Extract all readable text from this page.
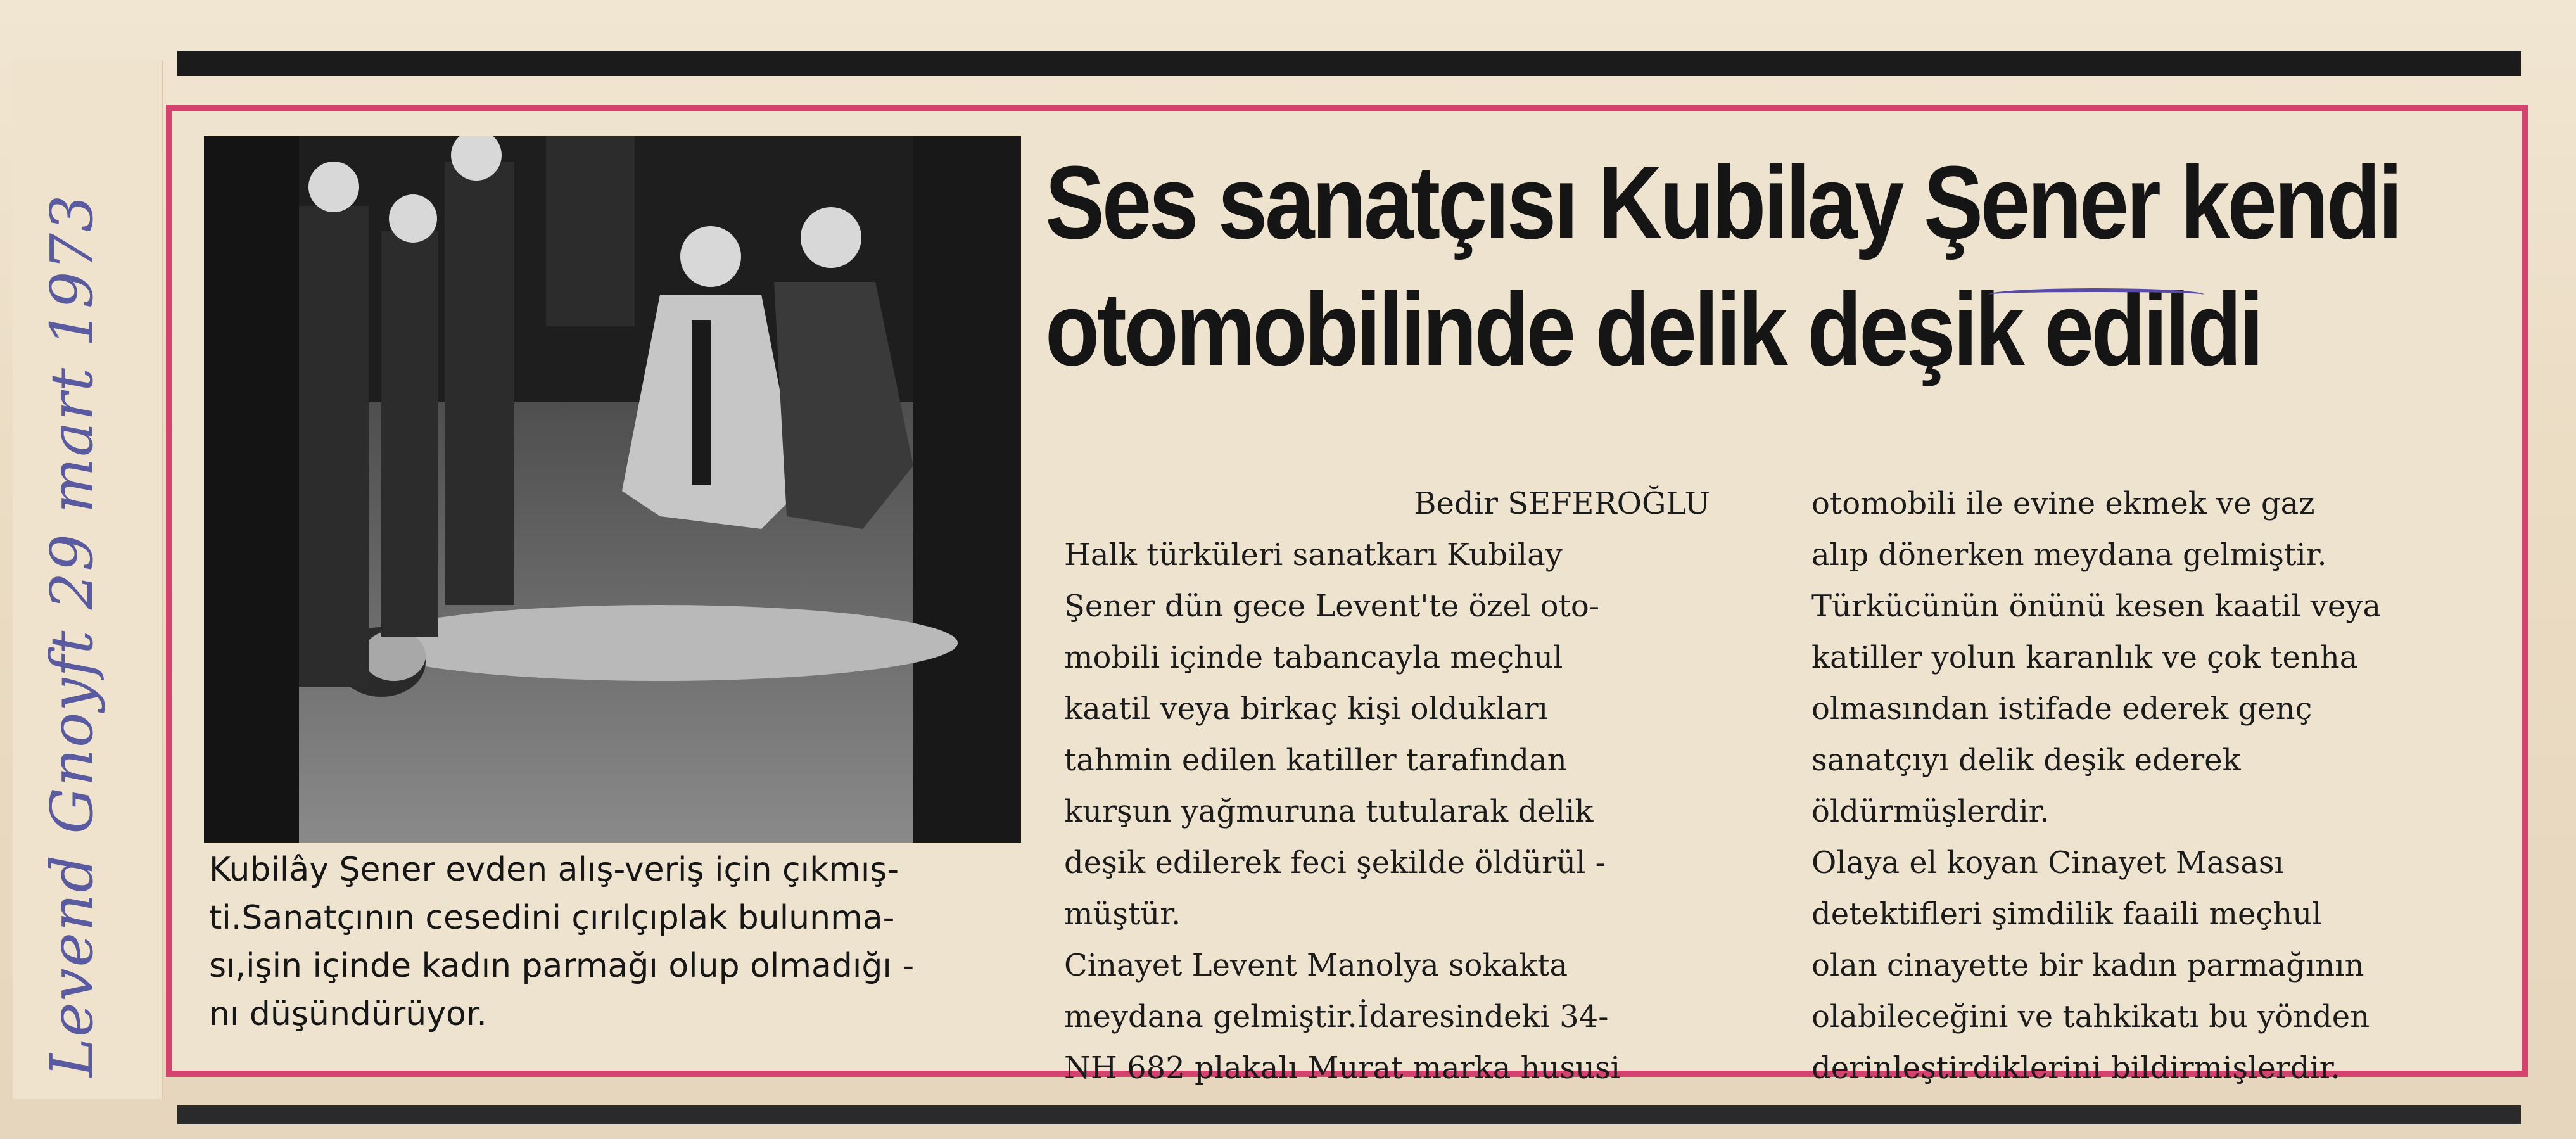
Levend Gnoyft 29 mart 1973	Kubilây Şener evden alış-veriş için çıkmış-
ti.Sanatçının cesedini çırılçıplak bulunma-
sı,işin içinde kadın parmağı olup olmadığı -
nı düşündürüyor.
Ses sanatçısı Kubilay Şener kendi
otomobilinde delik deşik edildi
Bedir SEFEROĞLU
Halk türküleri sanatkarı Kubilay
Şener dün gece Levent'te özel oto-
mobili içinde tabancayla meçhul
kaatil veya birkaç kişi oldukları
tahmin edilen katiller tarafından
kurşun yağmuruna tutularak delik
deşik edilerek feci şekilde öldürül -
müştür.
Cinayet Levent Manolya sokakta
meydana gelmiştir.İdaresindeki 34-
NH 682 plakalı Murat marka hususi
otomobili ile evine ekmek ve gaz
alıp dönerken meydana gelmiştir.
Türkücünün önünü kesen kaatil veya
katiller yolun karanlık ve çok tenha
olmasından istifade ederek genç
sanatçıyı delik deşik ederek
öldürmüşlerdir.
Olaya el koyan Cinayet Masası
detektifleri şimdilik faaili meçhul
olan cinayette bir kadın parmağının
olabileceğini ve tahkikatı bu yönden
derinleştirdiklerini bildirmişlerdir.
